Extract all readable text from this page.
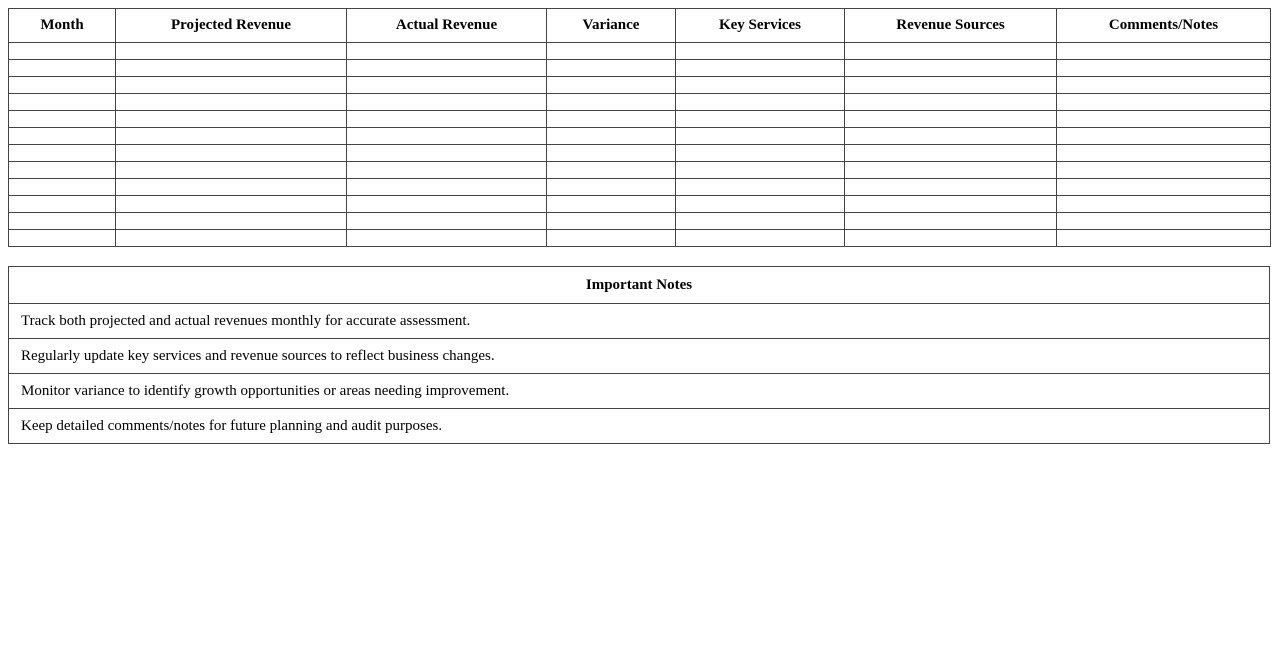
Month	Projected Revenue	Actual Revenue	Variance	Key Services	Revenue Sources	Comments/Notes

Important Notes
Track both projected and actual revenues monthly for accurate assessment.
Regularly update key services and revenue sources to reflect business changes.
Monitor variance to identify growth opportunities or areas needing improvement.
Keep detailed comments/notes for future planning and audit purposes.
